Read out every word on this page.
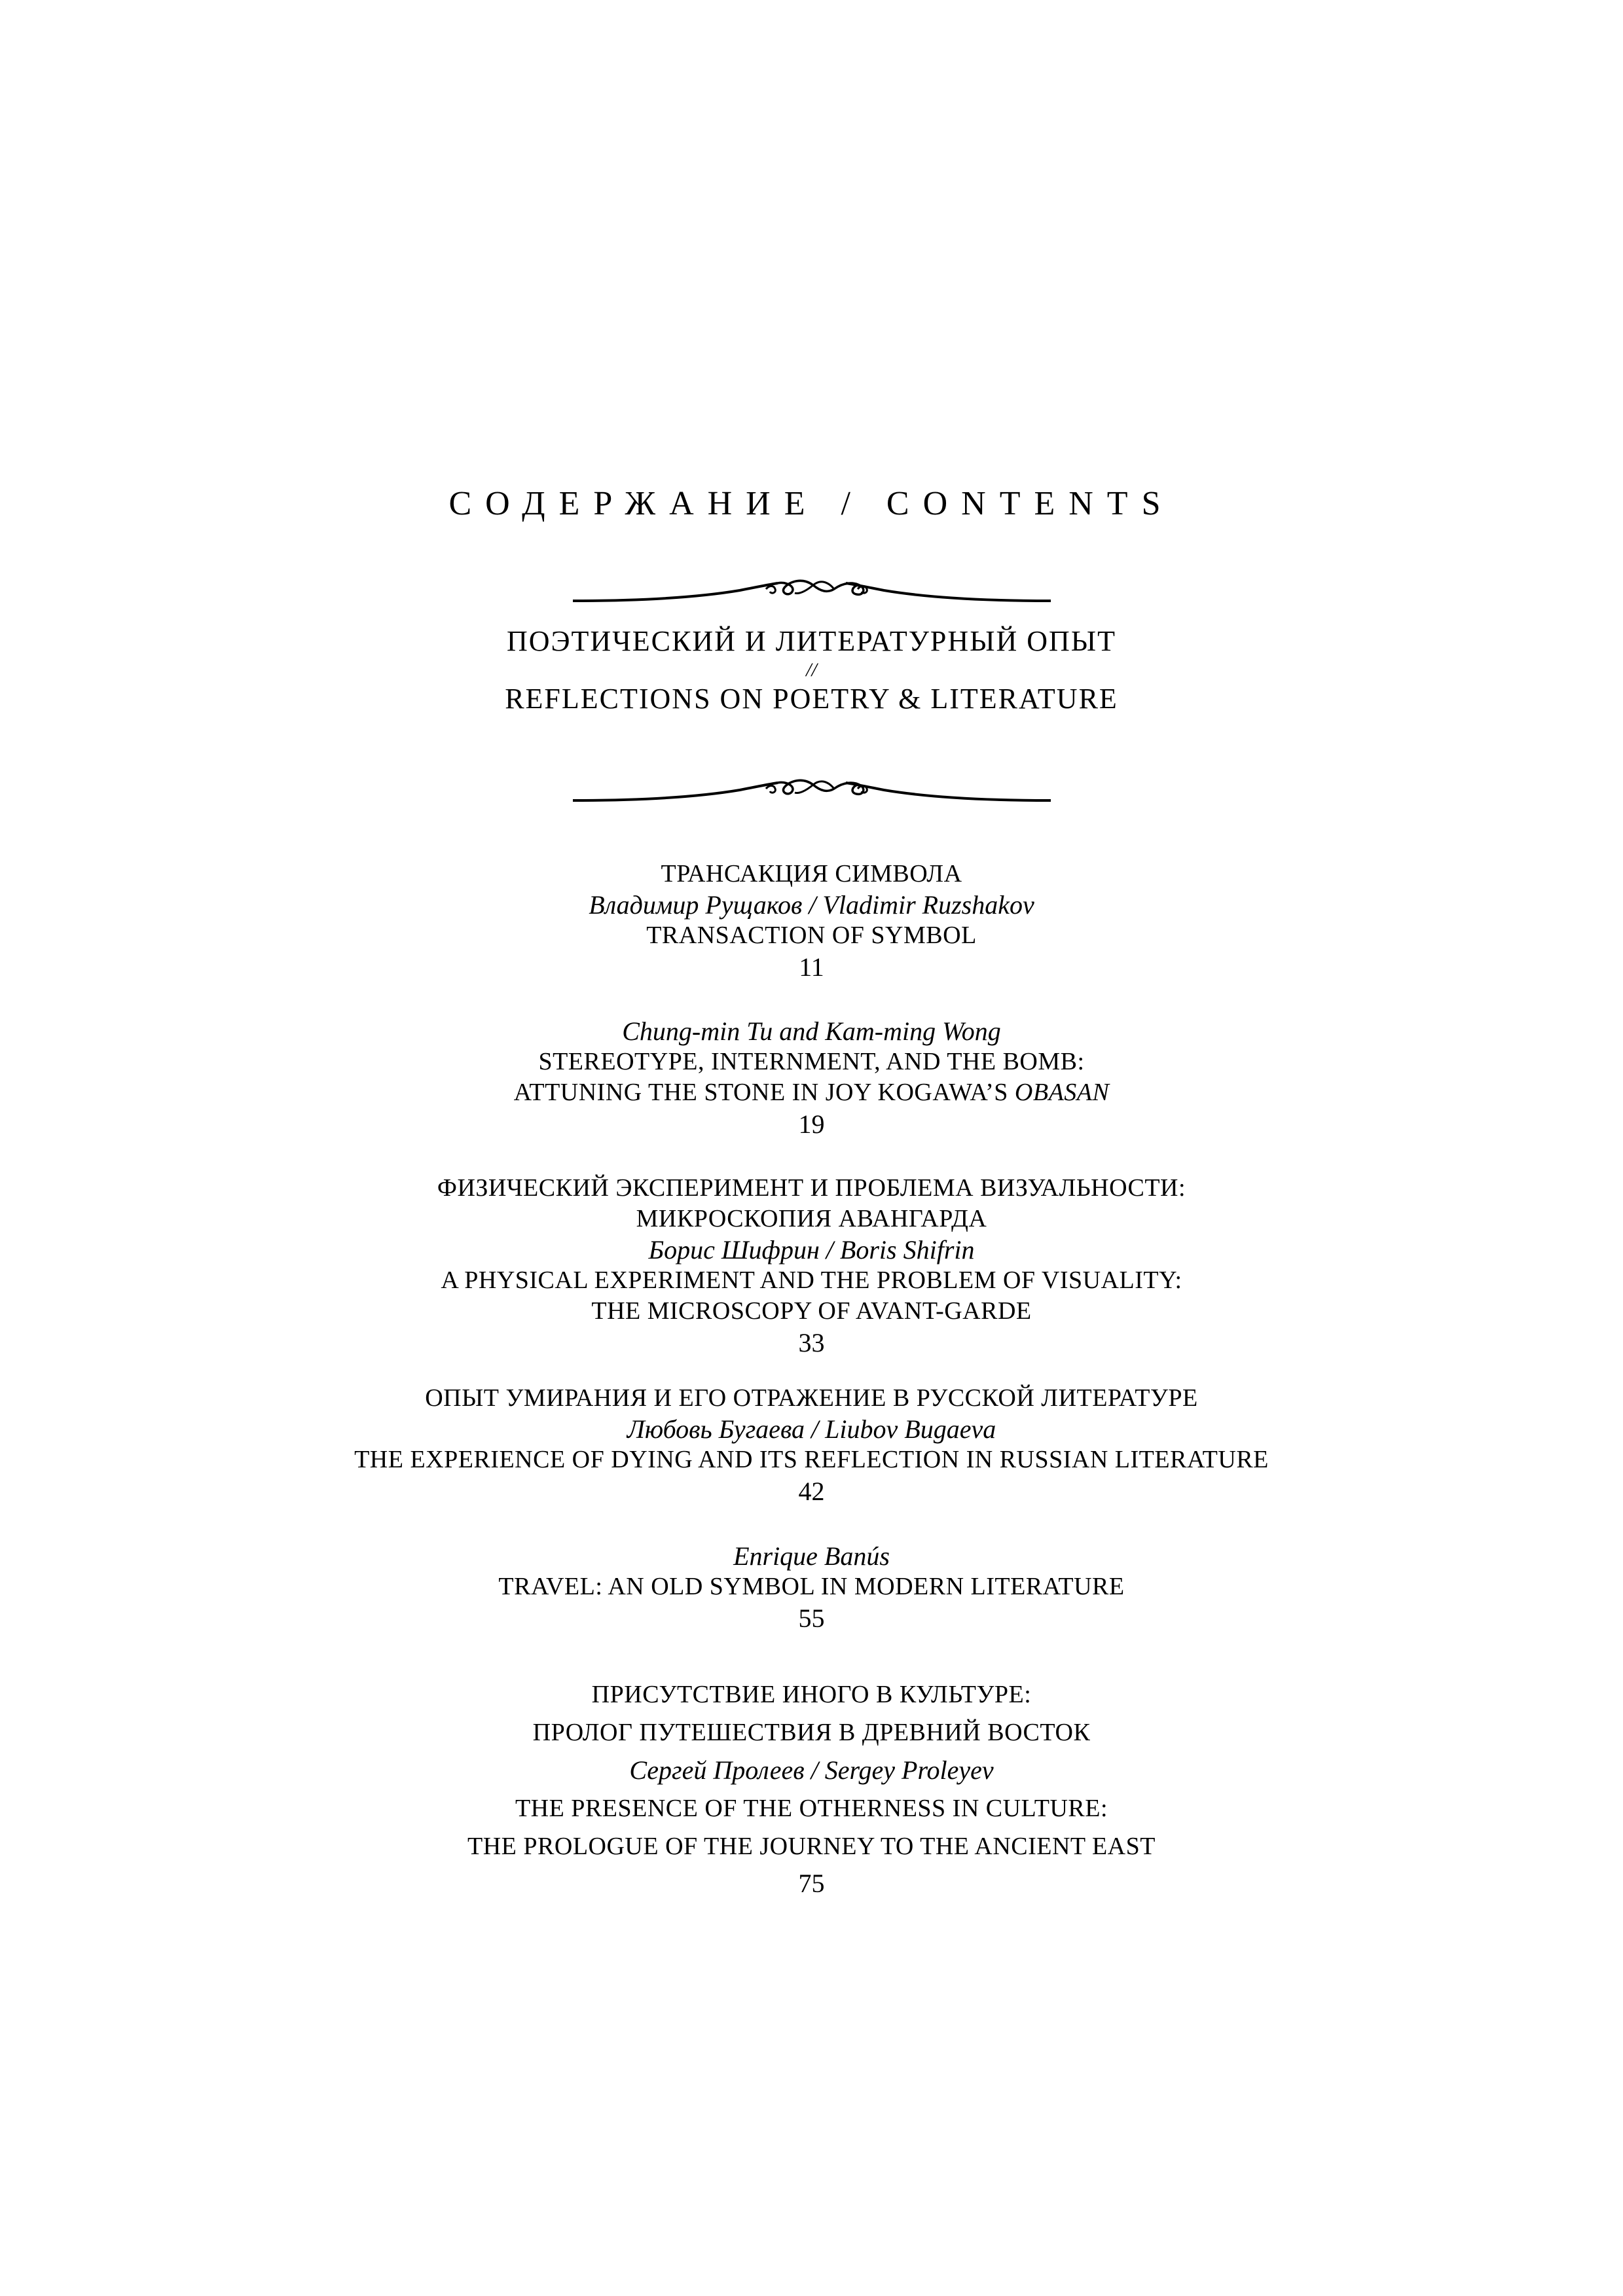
СОДЕРЖАНИЕ / CONTENTS
ПОЭТИЧЕСКИЙ И ЛИТЕРАТУРНЫЙ ОПЫТ
//
REFLECTIONS ON POETRY & LITERATURE
ТРАНСАКЦИЯ СИМВОЛА
Владимир Рущаков / Vladimir Ruzshakov
TRANSACTION OF SYMBOL
11
Chung-min Tu and Kam-ming Wong
STEREOTYPE, INTERNMENT, AND THE BOMB:
ATTUNING THE STONE IN JOY KOGAWA’S OBASAN
19
ФИЗИЧЕСКИЙ ЭКСПЕРИМЕНТ И ПРОБЛЕМА ВИЗУАЛЬНОСТИ:
МИКРОСКОПИЯ АВАНГАРДА
Борис Шифрин / Boris Shifrin
A PHYSICAL EXPERIMENT AND THE PROBLEM OF VISUALITY:
THE MICROSCOPY OF AVANT-GARDE
33
ОПЫТ УМИРАНИЯ И ЕГО ОТРАЖЕНИЕ В РУССКОЙ ЛИТЕРАТУРЕ
Любовь Бугаева / Liubov Bugaeva
THE EXPERIENCE OF DYING AND ITS REFLECTION IN RUSSIAN LITERATURE
42
Enrique Banús
TRAVEL: AN OLD SYMBOL IN MODERN LITERATURE
55
ПРИСУТСТВИЕ ИНОГО В КУЛЬТУРЕ:
ПРОЛОГ ПУТЕШЕСТВИЯ В ДРЕВНИЙ ВОСТОК
Сергей Пролеев / Sergey Proleyev
THE PRESENCE OF THE OTHERNESS IN CULTURE:
THE PROLOGUE OF THE JOURNEY TO THE ANCIENT EAST
75
